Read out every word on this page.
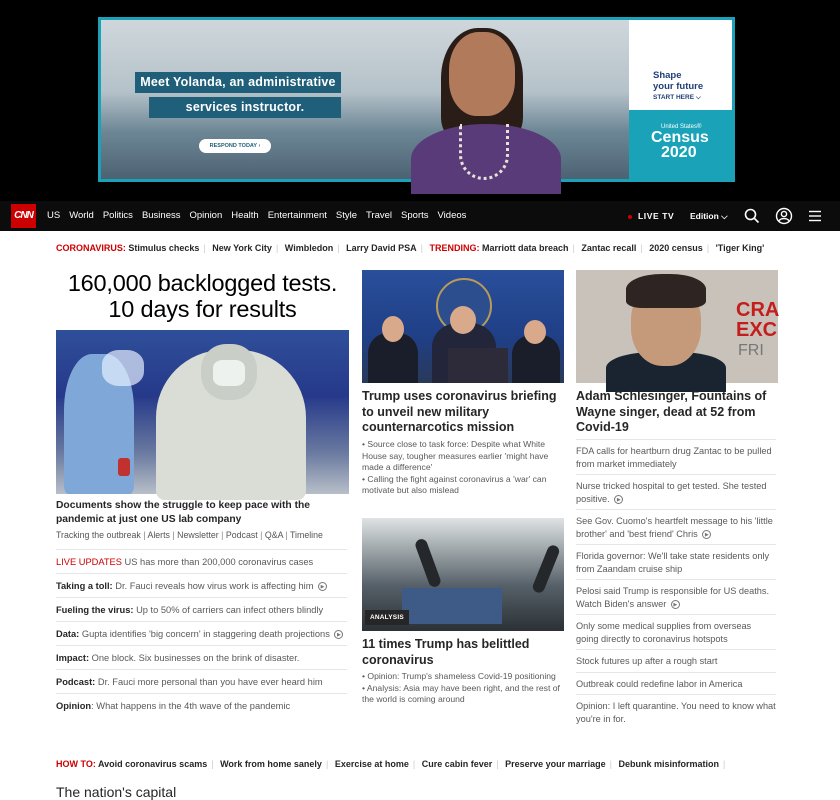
Meet Yolanda, an administrative
services instructor.
RESPOND TODAY ›
Shape
your future
START HERE ⌵
United States®
Census
2020
CNN	US World Politics Business Opinion Health Entertainment Style Travel Sports Videos	LIVE TV Edition ⌵
CORONAVIRUS: Stimulus checks | New York City | Wimbledon | Larry David PSA | TRENDING: Marriott data breach | Zantac recall | 2020 census | 'Tiger King'
160,000 backlogged tests. 10 days for results
Documents show the struggle to keep pace with the pandemic at just one US lab company
Tracking the outbreak | Alerts | Newsletter | Podcast | Q&A | Timeline
LIVE UPDATES US has more than 200,000 coronavirus cases
Taking a toll: Dr. Fauci reveals how virus work is affecting him ▶
Fueling the virus: Up to 50% of carriers can infect others blindly
Data: Gupta identifies 'big concern' in staggering death projections ▶
Impact: One block. Six businesses on the brink of disaster.
Podcast: Dr. Fauci more personal than you have ever heard him
Opinion: What happens in the 4th wave of the pandemic
Trump uses coronavirus briefing to unveil new military counternarcotics mission
• Source close to task force: Despite what White House say, tougher measures earlier 'might have made a difference'
• Calling the fight against coronavirus a 'war' can motivate but also mislead
ANALYSIS
11 times Trump has belittled coronavirus
• Opinion: Trump's shameless Covid-19 positioning
• Analysis: Asia may have been right, and the rest of the world is coming around
CRA
EXC
FRI
Adam Schlesinger, Fountains of Wayne singer, dead at 52 from Covid-19
FDA calls for heartburn drug Zantac to be pulled from market immediately
Nurse tricked hospital to get tested. She tested positive. ▶
See Gov. Cuomo's heartfelt message to his 'little brother' and 'best friend' Chris ▶
Florida governor: We'll take state residents only from Zaandam cruise ship
Pelosi said Trump is responsible for US deaths. Watch Biden's answer ▶
Only some medical supplies from overseas going directly to coronavirus hotspots
Stock futures up after a rough start
Outbreak could redefine labor in America
Opinion: I left quarantine. You need to know what you're in for.
HOW TO: Avoid coronavirus scams | Work from home sanely | Exercise at home | Cure cabin fever | Preserve your marriage | Debunk misinformation |
The nation's capital
